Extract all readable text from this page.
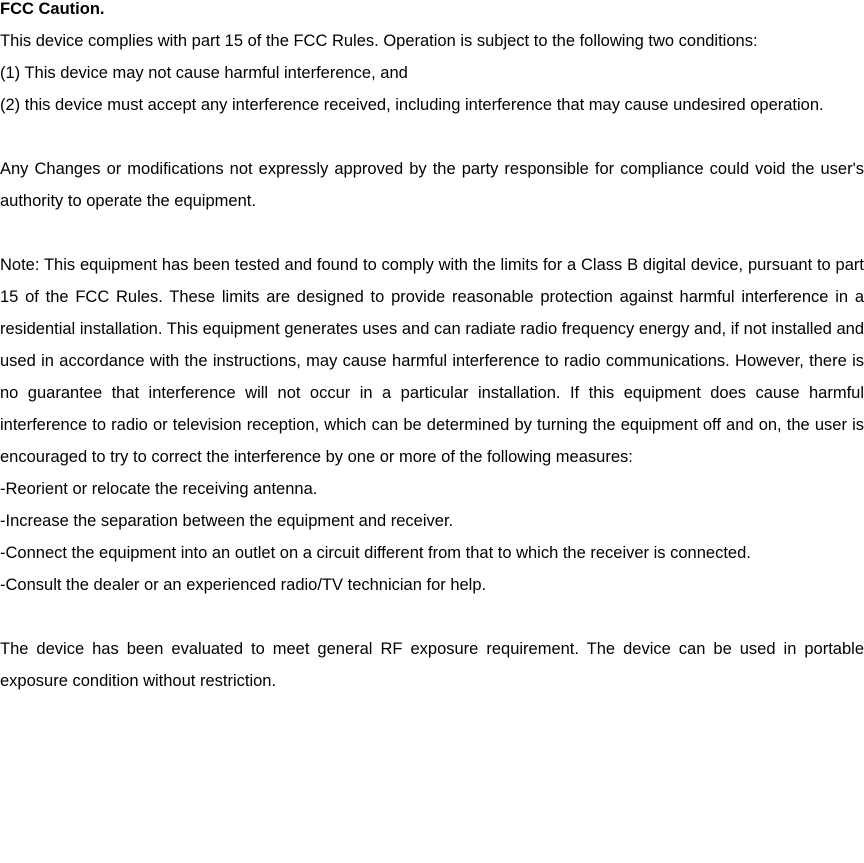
FCC Caution.

This device complies with part 15 of the FCC Rules. Operation is subject to the following two conditions:

(1) This device may not cause harmful interference, and

(2) this device must accept any interference received, including interference that may cause undesired operation.

Any Changes or modifications not expressly approved by the party responsible for compliance could void the user's authority to operate the equipment.

Note: This equipment has been tested and found to comply with the limits for a Class B digital device, pursuant to part 15 of the FCC Rules. These limits are designed to provide reasonable protection against harmful interference in a residential installation. This equipment generates uses and can radiate radio frequency energy and, if not installed and used in accordance with the instructions, may cause harmful interference to radio communications. However, there is no guarantee that interference will not occur in a particular installation. If this equipment does cause harmful interference to radio or television reception, which can be determined by turning the equipment off and on, the user is encouraged to try to correct the interference by one or more of the following measures:

-Reorient or relocate the receiving antenna.

-Increase the separation between the equipment and receiver.

-Connect the equipment into an outlet on a circuit different from that to which the receiver is connected.

-Consult the dealer or an experienced radio/TV technician for help.

The device has been evaluated to meet general RF exposure requirement. The device can be used in portable exposure condition without restriction.
